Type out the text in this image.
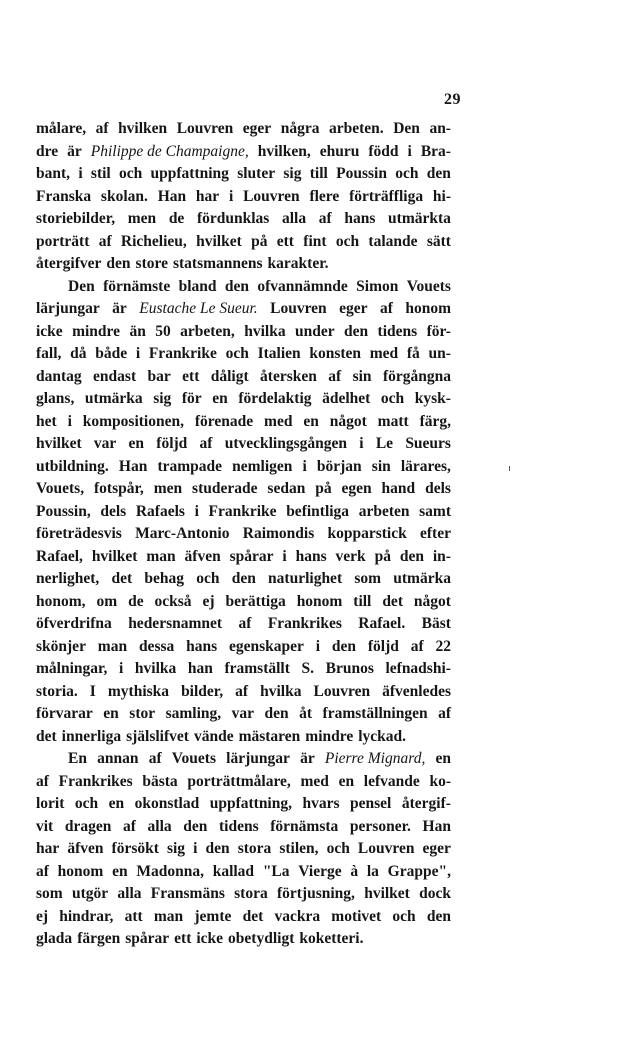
29
målare, af hvilken Louvren eger några arbeten. Den an-
dre är Philippe de Champaigne, hvilken, ehuru född i Bra-
bant, i stil och uppfattning sluter sig till Poussin och den
Franska skolan. Han har i Louvren flere förträffliga hi-
storiebilder, men de fördunklas alla af hans utmärkta
porträtt af Richelieu, hvilket på ett fint och talande sätt
återgifver den store statsmannens karakter.
Den förnämste bland den ofvannämnde Simon Vouets
lärjungar är Eustache Le Sueur. Louvren eger af honom
icke mindre än 50 arbeten, hvilka under den tidens för-
fall, då både i Frankrike och Italien konsten med få un-
dantag endast bar ett dåligt återsken af sin förgångna
glans, utmärka sig för en fördelaktig ädelhet och kysk-
het i kompositionen, förenade med en något matt färg,
hvilket var en följd af utvecklingsgången i Le Sueurs
utbildning. Han trampade nemligen i början sin lärares,
Vouets, fotspår, men studerade sedan på egen hand dels
Poussin, dels Rafaels i Frankrike befintliga arbeten samt
företrädesvis Marc-Antonio Raimondis kopparstick efter
Rafael, hvilket man äfven spårar i hans verk på den in-
nerlighet, det behag och den naturlighet som utmärka
honom, om de också ej berättiga honom till det något
öfverdrifna hedersnamnet af Frankrikes Rafael. Bäst
skönjer man dessa hans egenskaper i den följd af 22
målningar, i hvilka han framställt S. Brunos lefnadshi-
storia. I mythiska bilder, af hvilka Louvren äfvenledes
förvarar en stor samling, var den åt framställningen af
det innerliga själslifvet vände mästaren mindre lyckad.
En annan af Vouets lärjungar är Pierre Mignard, en
af Frankrikes bästa porträttmålare, med en lefvande ko-
lorit och en okonstlad uppfattning, hvars pensel återgif-
vit dragen af alla den tidens förnämsta personer. Han
har äfven försökt sig i den stora stilen, och Louvren eger
af honom en Madonna, kallad "La Vierge à la Grappe",
som utgör alla Fransmäns stora förtjusning, hvilket dock
ej hindrar, att man jemte det vackra motivet och den
glada färgen spårar ett icke obetydligt koketteri.
